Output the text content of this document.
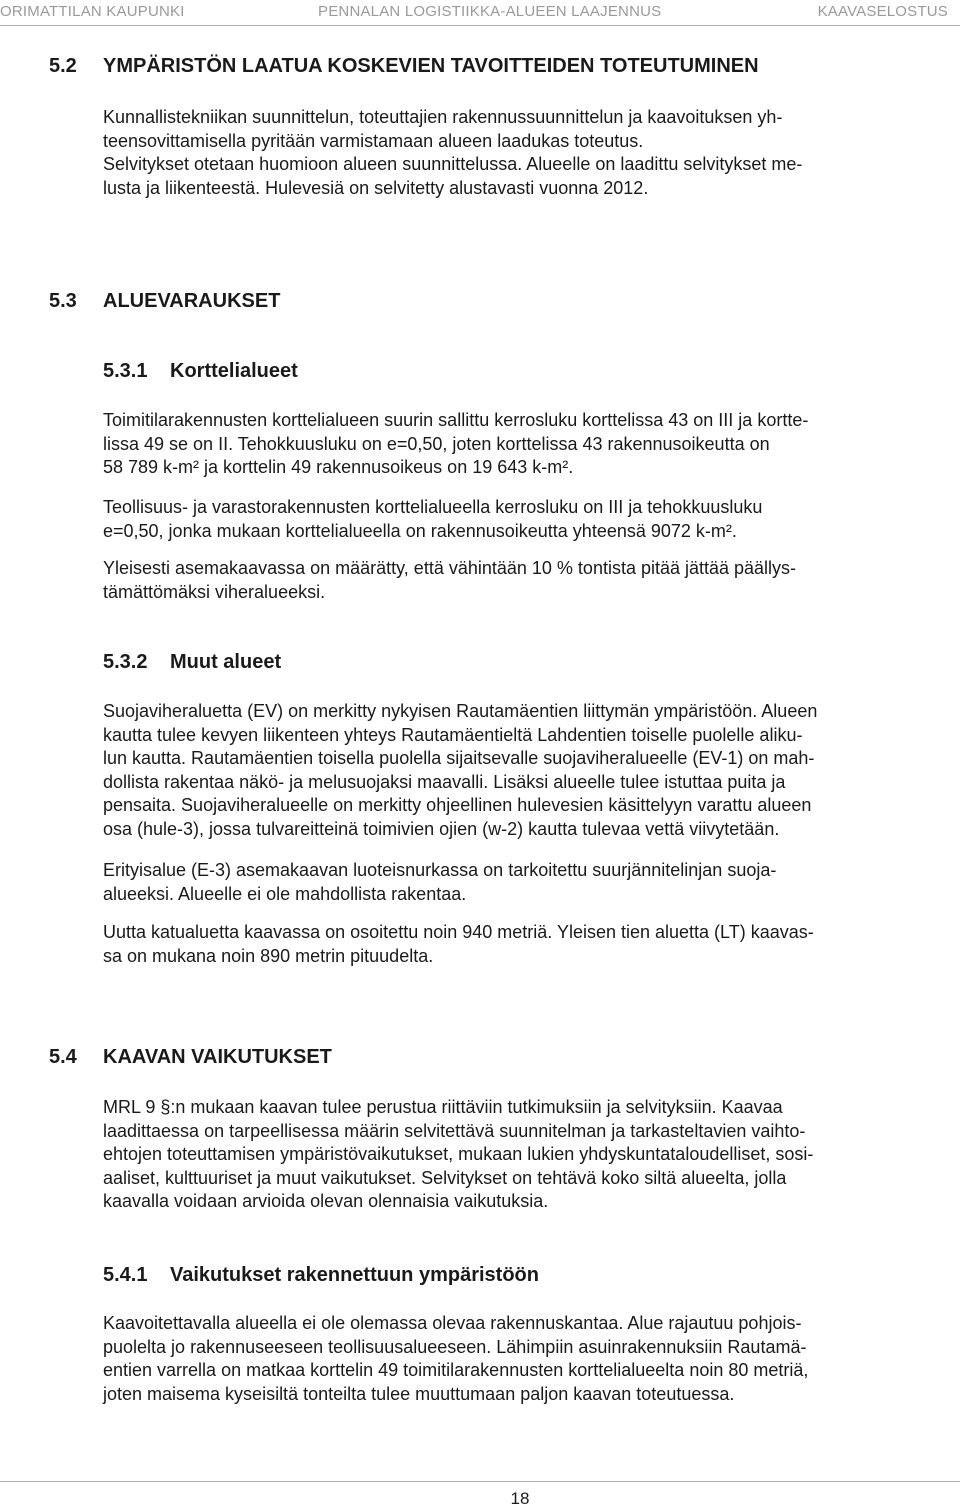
ORIMATTILAN KAUPUNKI	PENNALAN LOGISTIIKKA-ALUEEN LAAJENNUS	KAAVASELOSTUS
5.2 YMPÄRISTÖN LAATUA KOSKEVIEN TAVOITTEIDEN TOTEUTUMINEN

Kunnallistekniikan suunnittelun, toteuttajien rakennussuunnittelun ja kaavoituksen yh-
teensovittamisella pyritään varmistamaan alueen laadukas toteutus.
Selvitykset otetaan huomioon alueen suunnittelussa. Alueelle on laadittu selvitykset me-
lusta ja liikenteestä. Hulevesiä on selvitetty alustavasti vuonna 2012.

5.3 ALUEVARAUKSET
5.3.1 Korttelialueet

Toimitilarakennusten korttelialueen suurin sallittu kerrosluku korttelissa 43 on III ja kortte-
lissa 49 se on II. Tehokkuusluku on e=0,50, joten korttelissa 43 rakennusoikeutta on
58 789 k-m² ja korttelin 49 rakennusoikeus on 19 643 k-m².

Teollisuus- ja varastorakennusten korttelialueella kerrosluku on III ja tehokkuusluku
e=0,50, jonka mukaan korttelialueella on rakennusoikeutta yhteensä 9072 k-m².

Yleisesti asemakaavassa on määrätty, että vähintään 10 % tontista pitää jättää päällys-
tämättömäksi viheralueeksi.

5.3.2 Muut alueet

Suojaviheraluetta (EV) on merkitty nykyisen Rautamäentien liittymän ympäristöön. Alueen
kautta tulee kevyen liikenteen yhteys Rautamäentieltä Lahdentien toiselle puolelle aliku-
lun kautta. Rautamäentien toisella puolella sijaitsevalle suojaviheralueelle (EV-1) on mah-
dollista rakentaa näkö- ja melusuojaksi maavalli. Lisäksi alueelle tulee istuttaa puita ja
pensaita. Suojaviheralueelle on merkitty ohjeellinen hulevesien käsittelyyn varattu alueen
osa (hule-3), jossa tulvareitteinä toimivien ojien (w-2) kautta tulevaa vettä viivytetään.

Erityisalue (E-3) asemakaavan luoteisnurkassa on tarkoitettu suurjännitelinjan suoja-
alueeksi. Alueelle ei ole mahdollista rakentaa.

Uutta katualuetta kaavassa on osoitettu noin 940 metriä. Yleisen tien aluetta (LT) kaavas-
sa on mukana noin 890 metrin pituudelta.

5.4 KAAVAN VAIKUTUKSET

MRL 9 §:n mukaan kaavan tulee perustua riittäviin tutkimuksiin ja selvityksiin. Kaavaa
laadittaessa on tarpeellisessa määrin selvitettävä suunnitelman ja tarkasteltavien vaihto-
ehtojen toteuttamisen ympäristövaikutukset, mukaan lukien yhdyskuntataloudelliset, sosi-
aaliset, kulttuuriset ja muut vaikutukset. Selvitykset on tehtävä koko siltä alueelta, jolla
kaavalla voidaan arvioida olevan olennaisia vaikutuksia.

5.4.1 Vaikutukset rakennettuun ympäristöön

Kaavoitettavalla alueella ei ole olemassa olevaa rakennuskantaa. Alue rajautuu pohjois-
puolelta jo rakennuseeseen teollisuusalueeseen. Lähimpiin asuinrakennuksiin Rautamä-
entien varrella on matkaa korttelin 49 toimitilarakennusten korttelialueelta noin 80 metriä,
joten maisema kyseisiltä tonteilta tulee muuttumaan paljon kaavan toteutuessa.

18
